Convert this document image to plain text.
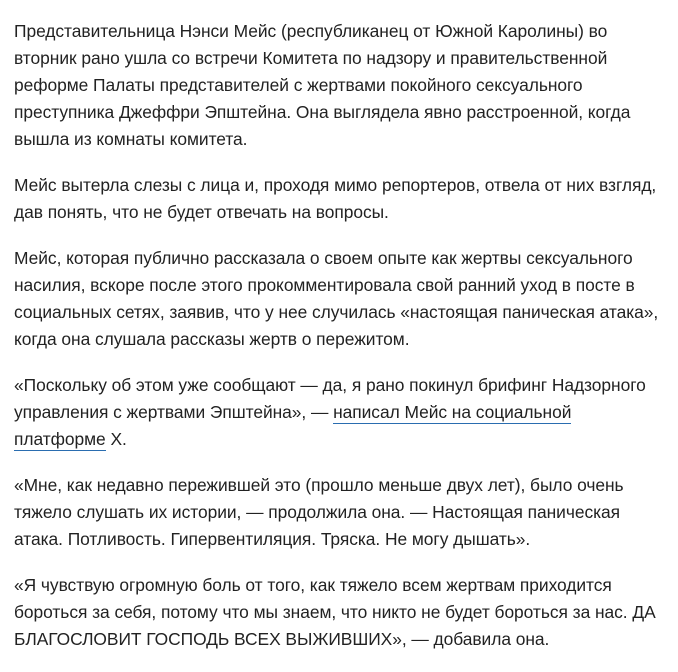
Представительница Нэнси Мейс (республиканец от Южной Каролины) во вторник рано ушла со встречи Комитета по надзору и правительственной реформе Палаты представителей с жертвами покойного сексуального преступника Джеффри Эпштейна. Она выглядела явно расстроенной, когда вышла из комнаты комитета.

Мейс вытерла слезы с лица и, проходя мимо репортеров, отвела от них взгляд, дав понять, что не будет отвечать на вопросы.

Мейс, которая публично рассказала о своем опыте как жертвы сексуального насилия, вскоре после этого прокомментировала свой ранний уход в посте в социальных сетях, заявив, что у нее случилась «настоящая паническая атака», когда она слушала рассказы жертв о пережитом.

«Поскольку об этом уже сообщают — да, я рано покинул брифинг Надзорного управления с жертвами Эпштейна», — написал Мейс на социальной платформе X.

«Мне, как недавно пережившей это (прошло меньше двух лет), было очень тяжело слушать их истории, — продолжила она. — Настоящая паническая атака. Потливость. Гипервентиляция. Тряска. Не могу дышать».

«Я чувствую огромную боль от того, как тяжело всем жертвам приходится бороться за себя, потому что мы знаем, что никто не будет бороться за нас. ДА БЛАГОСЛОВИТ ГОСПОДЬ ВСЕХ ВЫЖИВШИХ», — добавила она.
